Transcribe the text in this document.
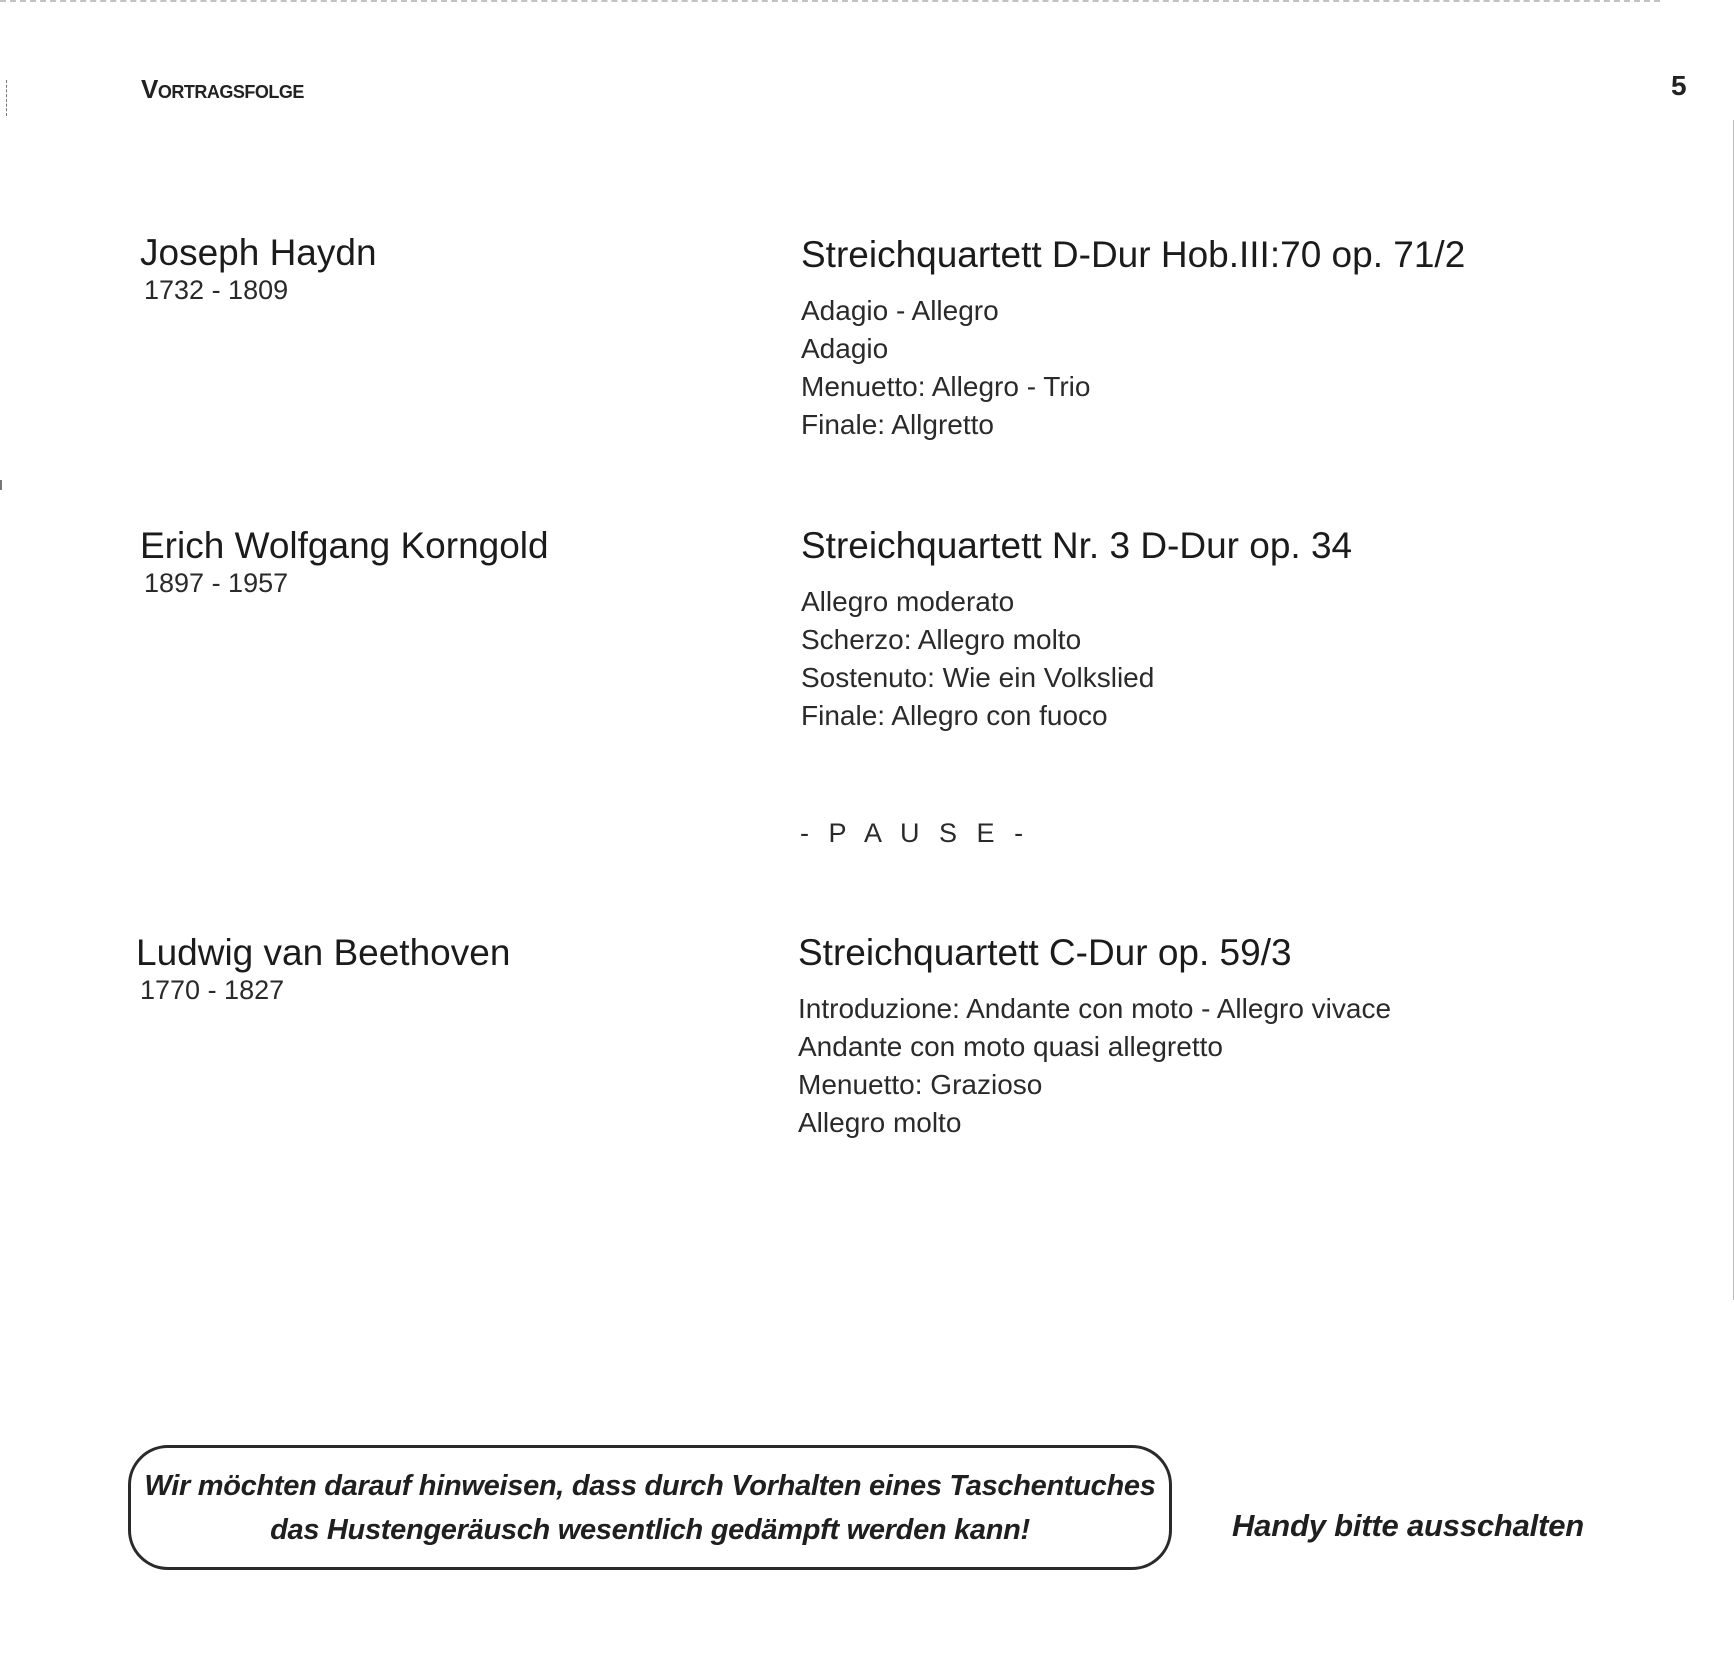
Vortragsfolge	5
Joseph Haydn
1732 - 1809
Streichquartett D-Dur Hob.III:70 op. 71/2
Adagio - Allegro
Adagio
Menuetto: Allegro - Trio
Finale: Allgretto
Erich Wolfgang Korngold
1897 - 1957
Streichquartett Nr. 3 D-Dur op. 34
Allegro moderato
Scherzo: Allegro molto
Sostenuto: Wie ein Volkslied
Finale: Allegro con fuoco
- P A U S E -
Ludwig van Beethoven
1770 - 1827
Streichquartett C-Dur op. 59/3
Introduzione: Andante con moto - Allegro vivace
Andante con moto quasi allegretto
Menuetto: Grazioso
Allegro molto
Wir möchten darauf hinweisen, dass durch Vorhalten eines Taschentuches
das Hustengeräusch wesentlich gedämpft werden kann!	Handy bitte ausschalten
